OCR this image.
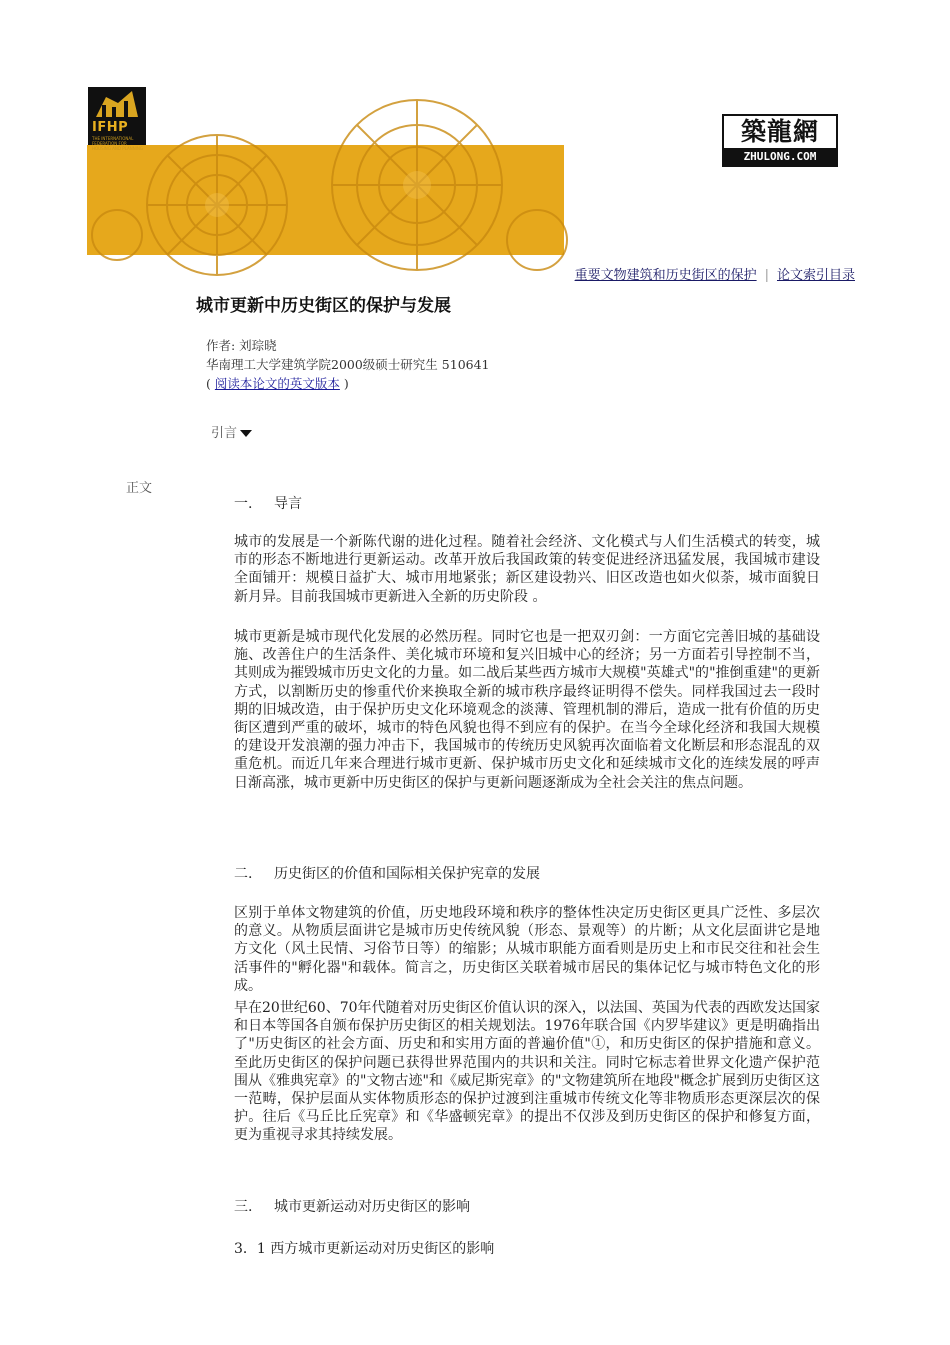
IFHP
THE INTERNATIONAL FEDERATION FOR HOUSING AND PLANNING
築龍網
ZHULONG.COM
重要文物建筑和历史街区的保护 | 论文索引目录
城市更新中历史街区的保护与发展
作者: 刘琮晓
华南理工大学建筑学院2000级硕士研究生 510641
( 阅读本论文的英文版本 )
引言
正文
一. 导言

城市的发展是一个新陈代谢的进化过程。随着社会经济、文化模式与人们生活模式的转变，城市的形态不断地进行更新运动。改革开放后我国政策的转变促进经济迅猛发展，我国城市建设全面铺开：规模日益扩大、城市用地紧张；新区建设勃兴、旧区改造也如火似荼，城市面貌日新月异。目前我国城市更新进入全新的历史阶段 。

城市更新是城市现代化发展的必然历程。同时它也是一把双刃剑：一方面它完善旧城的基础设施、改善住户的生活条件、美化城市环境和复兴旧城中心的经济；另一方面若引导控制不当，其则成为摧毁城市历史文化的力量。如二战后某些西方城市大规模"英雄式"的"推倒重建"的更新方式，以割断历史的惨重代价来换取全新的城市秩序最终证明得不偿失。同样我国过去一段时期的旧城改造，由于保护历史文化环境观念的淡薄、管理机制的滞后，造成一批有价值的历史街区遭到严重的破坏，城市的特色风貌也得不到应有的保护。在当今全球化经济和我国大规模的建设开发浪潮的强力冲击下，我国城市的传统历史风貌再次面临着文化断层和形态混乱的双重危机。而近几年来合理进行城市更新、保护城市历史文化和延续城市文化的连续发展的呼声日渐高涨，城市更新中历史街区的保护与更新问题逐渐成为全社会关注的焦点问题。

二. 历史街区的价值和国际相关保护宪章的发展

区别于单体文物建筑的价值，历史地段环境和秩序的整体性决定历史街区更具广泛性、多层次的意义。从物质层面讲它是城市历史传统风貌（形态、景观等）的片断；从文化层面讲它是地方文化（风土民情、习俗节日等）的缩影；从城市职能方面看则是历史上和市民交往和社会生活事件的"孵化器"和载体。简言之，历史街区关联着城市居民的集体记忆与城市特色文化的形成。

早在20世纪60、70年代随着对历史街区价值认识的深入，以法国、英国为代表的西欧发达国家和日本等国各自颁布保护历史街区的相关规划法。1976年联合国《内罗毕建议》更是明确指出了"历史街区的社会方面、历史和和实用方面的普遍价值"①，和历史街区的保护措施和意义。至此历史街区的保护问题已获得世界范围内的共识和关注。同时它标志着世界文化遗产保护范围从《雅典宪章》的"文物古迹"和《威尼斯宪章》的"文物建筑所在地段"概念扩展到历史街区这一范畴，保护层面从实体物质形态的保护过渡到注重城市传统文化等非物质形态更深层次的保护。往后《马丘比丘宪章》和《华盛顿宪章》的提出不仅涉及到历史街区的保护和修复方面，更为重视寻求其持续发展。

三. 城市更新运动对历史街区的影响
3．1 西方城市更新运动对历史街区的影响
